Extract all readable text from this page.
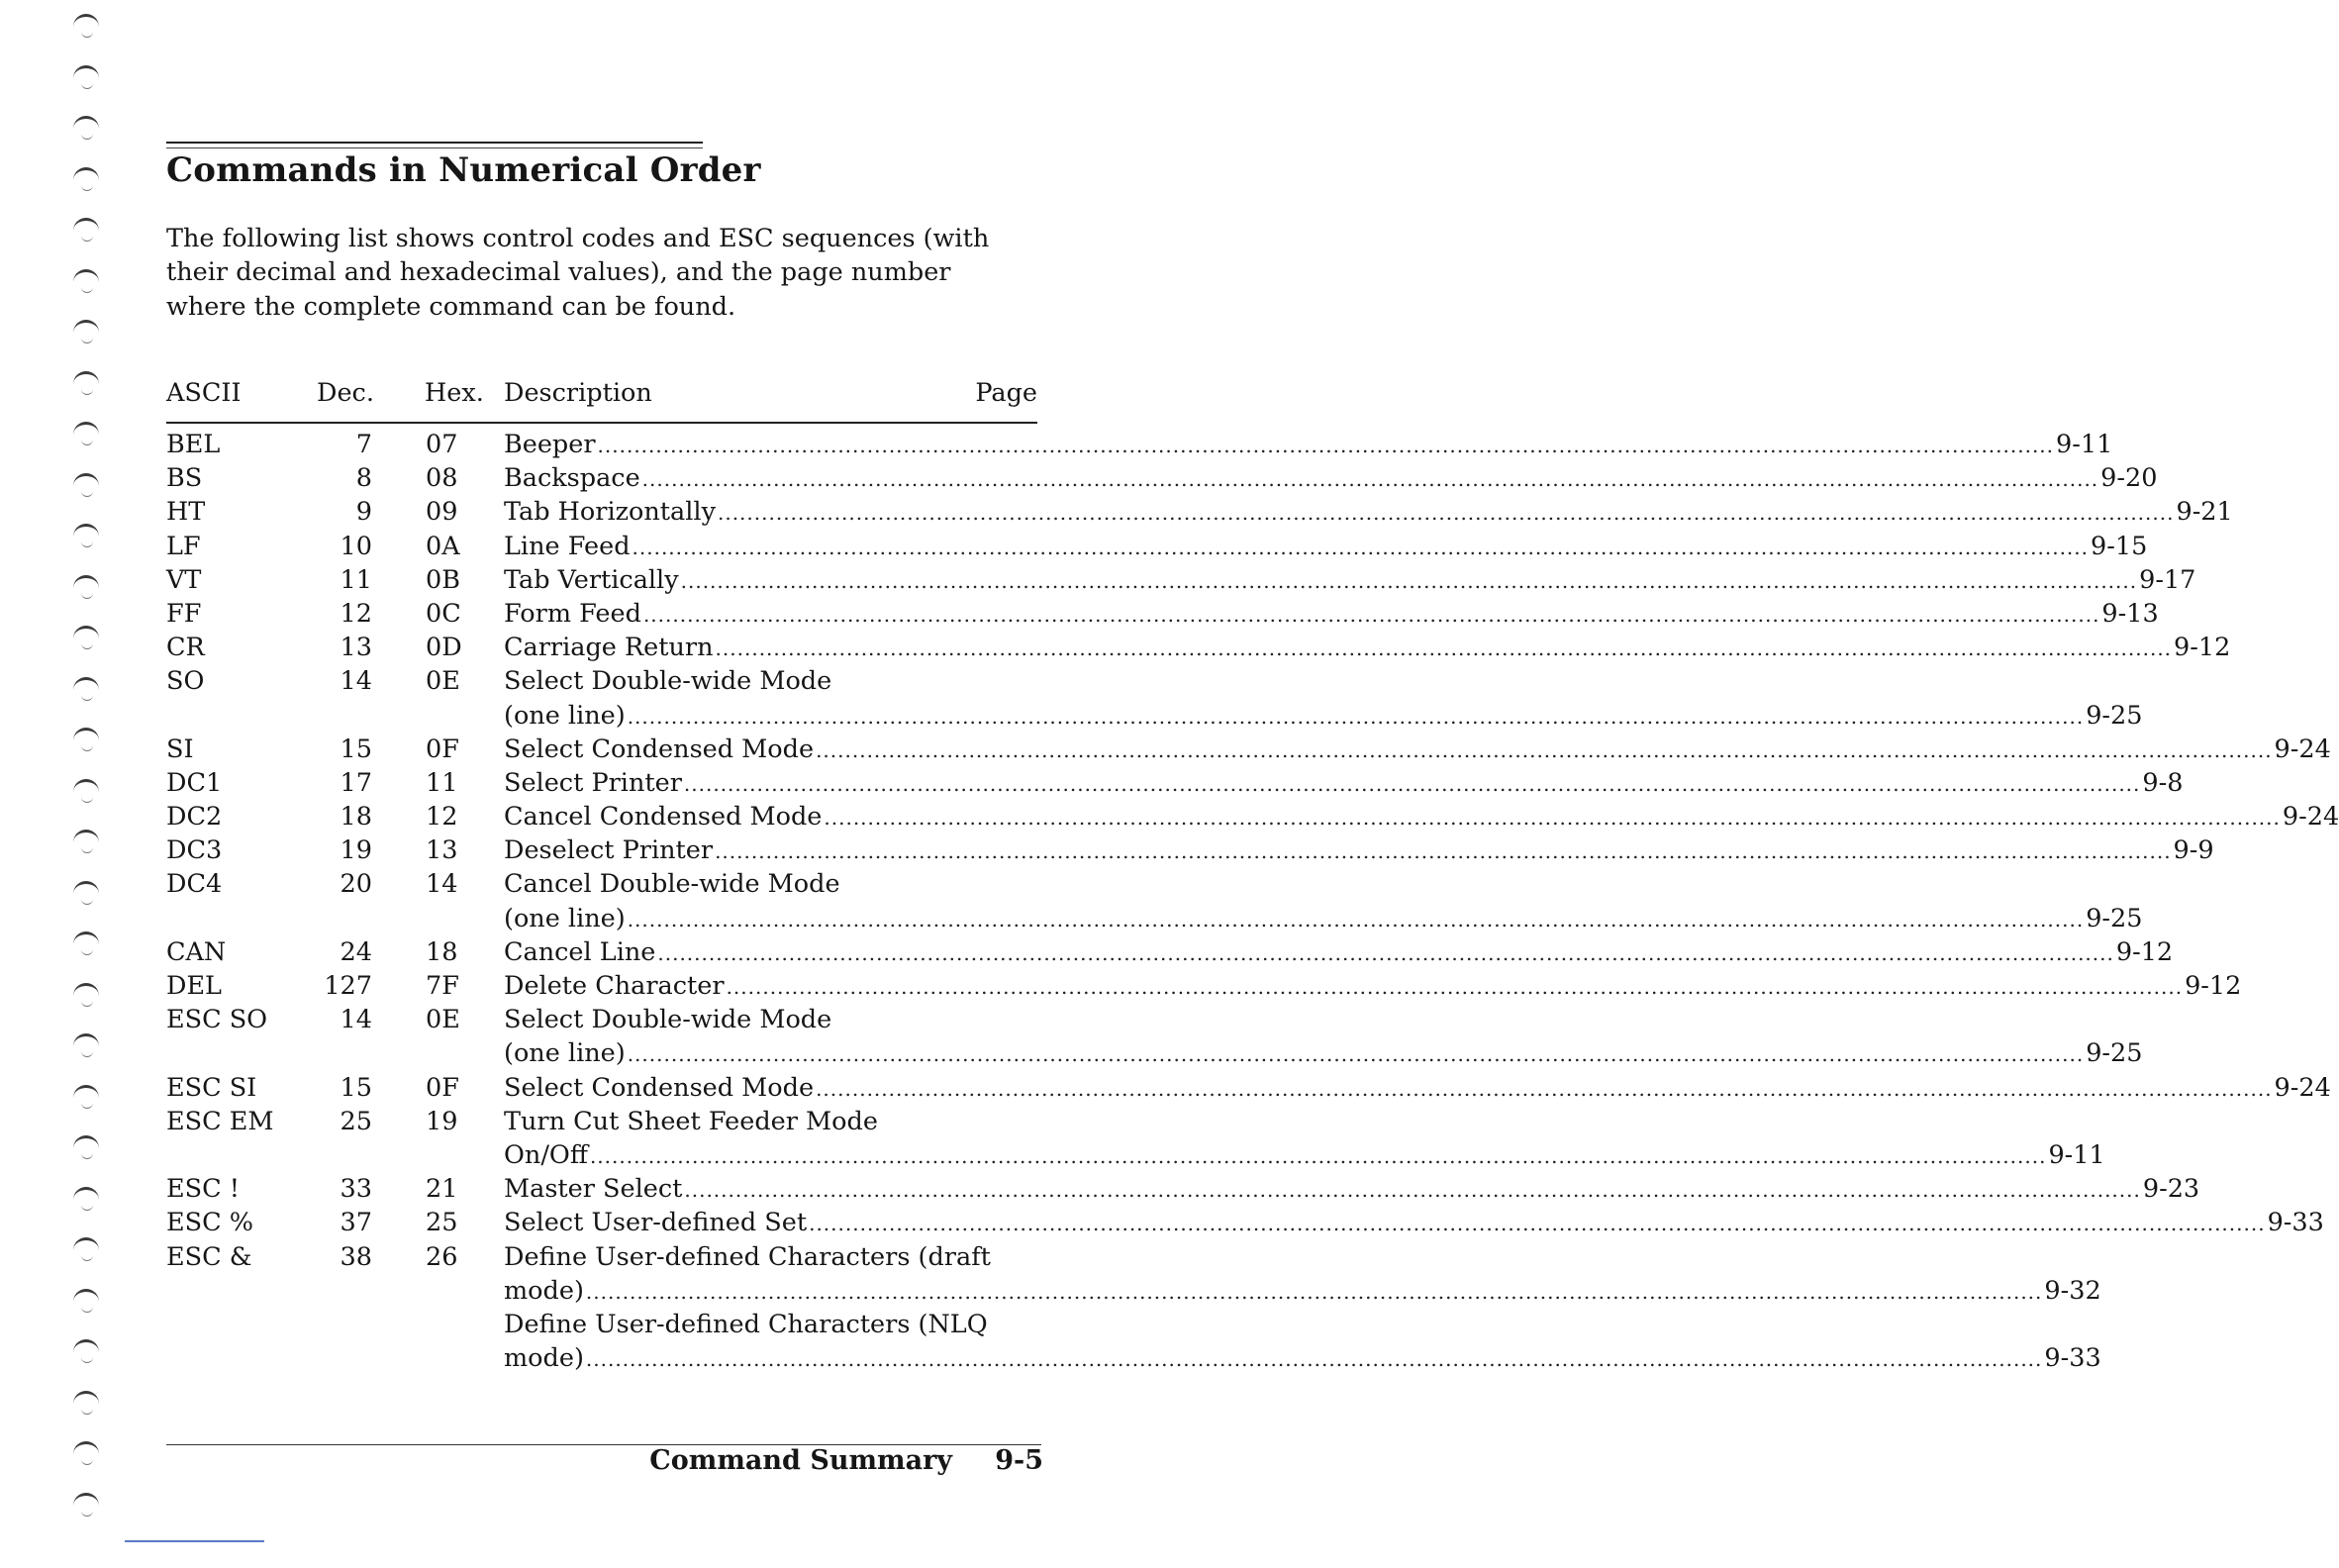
Commands in Numerical Order

The following list shows control codes and ESC sequences (with their decimal and hexadecimal values), and the page number where the complete command can be found.

ASCII	Dec. Hex. Description	Page
BEL	7 07 Beeper ........................................................................................................................................................................................................ 9-11
BS	8 08 Backspace ........................................................................................................................................................................................................ 9-20
HT	9 09 Tab Horizontally ........................................................................................................................................................................................................ 9-21
LF	10 0A Line Feed ........................................................................................................................................................................................................ 9-15
VT	11 0B Tab Vertically ........................................................................................................................................................................................................ 9-17
FF	12 0C Form Feed ........................................................................................................................................................................................................ 9-13
CR	13 0D Carriage Return ........................................................................................................................................................................................................ 9-12
SO	14 0E Select Double-wide Mode
(one line) ........................................................................................................................................................................................................ 9-25
SI	15 0F Select Condensed Mode ........................................................................................................................................................................................................ 9-24
DC1	17 11 Select Printer ........................................................................................................................................................................................................ 9-8
DC2	18 12 Cancel Condensed Mode ........................................................................................................................................................................................................ 9-24
DC3	19 13 Deselect Printer ........................................................................................................................................................................................................ 9-9
DC4	20 14 Cancel Double-wide Mode
(one line) ........................................................................................................................................................................................................ 9-25
CAN	24 18 Cancel Line ........................................................................................................................................................................................................ 9-12
DEL	127 7F Delete Character ........................................................................................................................................................................................................ 9-12
ESC SO	14 0E Select Double-wide Mode
(one line) ........................................................................................................................................................................................................ 9-25
ESC SI	15 0F Select Condensed Mode ........................................................................................................................................................................................................ 9-24
ESC EM	25 19 Turn Cut Sheet Feeder Mode
On/Off ........................................................................................................................................................................................................ 9-11
ESC !	33 21 Master Select ........................................................................................................................................................................................................ 9-23
ESC %	37 25 Select User-defined Set ........................................................................................................................................................................................................ 9-33
ESC &	38 26 Define User-defined Characters (draft
mode) ........................................................................................................................................................................................................ 9-32
Define User-defined Characters (NLQ
mode) ........................................................................................................................................................................................................ 9-33
Command Summary 9-5
